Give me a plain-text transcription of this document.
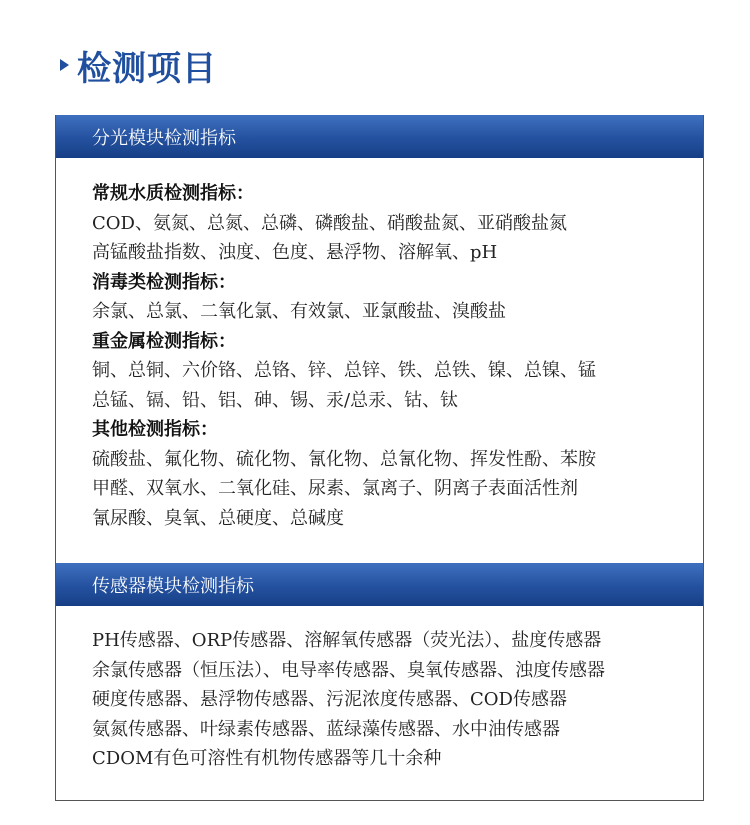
检测项目
分光模块检测指标
常规水质检测指标：
COD、氨氮、总氮、总磷、磷酸盐、硝酸盐氮、亚硝酸盐氮
高锰酸盐指数、浊度、色度、悬浮物、溶解氧、pH
消毒类检测指标：
余氯、总氯、二氧化氯、有效氯、亚氯酸盐、溴酸盐
重金属检测指标：
铜、总铜、六价铬、总铬、锌、总锌、铁、总铁、镍、总镍、锰
总锰、镉、铅、铝、砷、锡、汞/总汞、钴、钛
其他检测指标：
硫酸盐、氟化物、硫化物、氰化物、总氰化物、挥发性酚、苯胺
甲醛、双氧水、二氧化硅、尿素、氯离子、阴离子表面活性剂
氰尿酸、臭氧、总硬度、总碱度
传感器模块检测指标
PH传感器、ORP传感器、溶解氧传感器（荧光法）、盐度传感器
余氯传感器（恒压法）、电导率传感器、臭氧传感器、浊度传感器
硬度传感器、悬浮物传感器、污泥浓度传感器、COD传感器
氨氮传感器、叶绿素传感器、蓝绿藻传感器、水中油传感器
CDOM有色可溶性有机物传感器等几十余种
